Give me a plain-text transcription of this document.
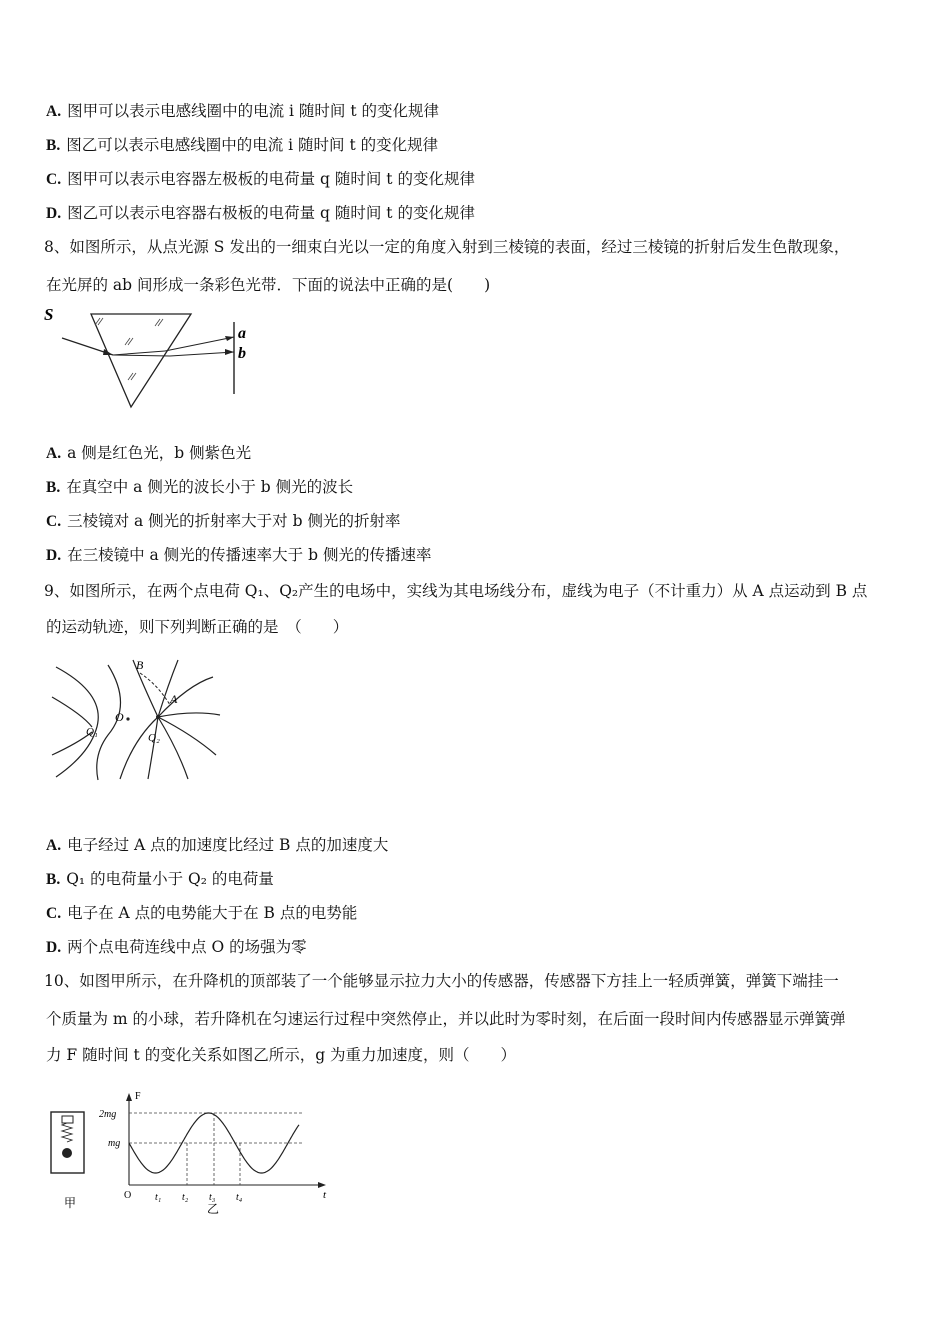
A. 图甲可以表示电感线圈中的电流 i 随时间 t 的变化规律
B. 图乙可以表示电感线圈中的电流 i 随时间 t 的变化规律
C. 图甲可以表示电容器左极板的电荷量 q 随时间 t 的变化规律
D. 图乙可以表示电容器右极板的电荷量 q 随时间 t 的变化规律
8、如图所示，从点光源 S 发出的一细束白光以一定的角度入射到三棱镜的表面，经过三棱镜的折射后发生色散现象，
在光屏的 ab 间形成一条彩色光带．下面的说法中正确的是(　　)
S
a
b
A. a 侧是红色光，b 侧紫色光
B. 在真空中 a 侧光的波长小于 b 侧光的波长
C. 三棱镜对 a 侧光的折射率大于对 b 侧光的折射率
D. 在三棱镜中 a 侧光的传播速率大于 b 侧光的传播速率
9、如图所示，在两个点电荷 Q₁、Q₂产生的电场中，实线为其电场线分布，虚线为电子（不计重力）从 A 点运动到 B 点
的运动轨迹，则下列判断正确的是　（　　）
B
A
O
Q₁	Q₂
A. 电子经过 A 点的加速度比经过 B 点的加速度大
B. Q₁ 的电荷量小于 Q₂ 的电荷量
C. 电子在 A 点的电势能大于在 B 点的电势能
D. 两个点电荷连线中点 O 的场强为零
10、如图甲所示，在升降机的顶部装了一个能够显示拉力大小的传感器，传感器下方挂上一轻质弹簧，弹簧下端挂一
个质量为 m 的小球，若升降机在匀速运行过程中突然停止，并以此时为零时刻，在后面一段时间内传感器显示弹簧弹
力 F 随时间 t 的变化关系如图乙所示，g 为重力加速度，则（　　）
甲
F
t
O
2mg
mg
t₁ t₂ t₃ t₄
乙
